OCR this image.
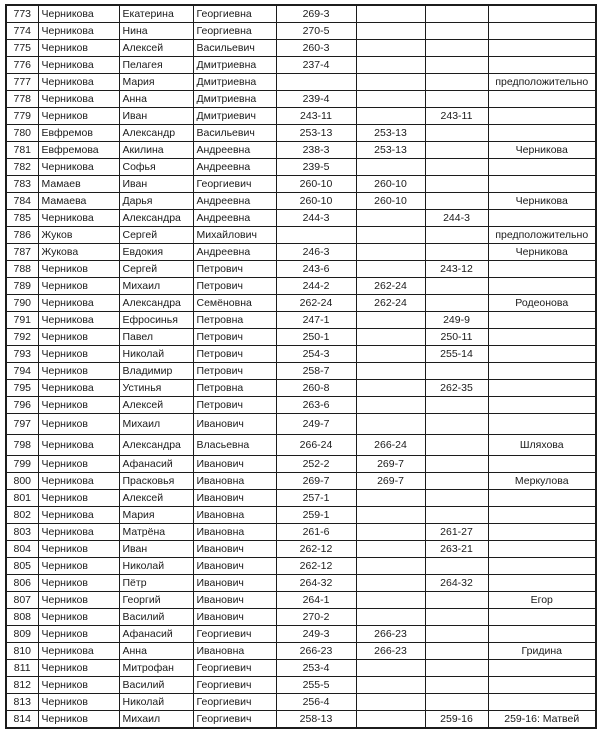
773	Черникова	Екатерина	Георгиевна	269-3			
774	Черникова	Нина	Георгиевна	270-5			
775	Черников	Алексей	Васильевич	260-3			
776	Черникова	Пелагея	Дмитриевна	237-4			
777	Черникова	Мария	Дмитриевна				предположительно
778	Черникова	Анна	Дмитриевна	239-4			
779	Черников	Иван	Дмитриевич	243-11		243-11	
780	Евфремов	Александр	Васильевич	253-13	253-13		
781	Евфремова	Акилина	Андреевна	238-3	253-13		Черникова
782	Черникова	Софья	Андреевна	239-5			
783	Мамаев	Иван	Георгиевич	260-10	260-10		
784	Мамаева	Дарья	Андреевна	260-10	260-10		Черникова
785	Черникова	Александра	Андреевна	244-3		244-3	
786	Жуков	Сергей	Михайлович				предположительно
787	Жукова	Евдокия	Андреевна	246-3			Черникова
788	Черников	Сергей	Петрович	243-6		243-12	
789	Черников	Михаил	Петрович	244-2	262-24		
790	Черникова	Александра	Семёновна	262-24	262-24		Родеонова
791	Черникова	Ефросинья	Петровна	247-1		249-9	
792	Черников	Павел	Петрович	250-1		250-11	
793	Черников	Николай	Петрович	254-3		255-14	
794	Черников	Владимир	Петрович	258-7			
795	Черникова	Устинья	Петровна	260-8		262-35	
796	Черников	Алексей	Петрович	263-6			
797	Черников	Михаил	Иванович	249-7			
798	Черникова	Александра	Власьевна	266-24	266-24		Шляхова
799	Черников	Афанасий	Иванович	252-2	269-7		
800	Черникова	Прасковья	Ивановна	269-7	269-7		Меркулова
801	Черников	Алексей	Иванович	257-1			
802	Черникова	Мария	Ивановна	259-1			
803	Черникова	Матрёна	Ивановна	261-6		261-27	
804	Черников	Иван	Иванович	262-12		263-21	
805	Черников	Николай	Иванович	262-12			
806	Черников	Пётр	Иванович	264-32		264-32	
807	Черников	Георгий	Иванович	264-1			Егор
808	Черников	Василий	Иванович	270-2			
809	Черников	Афанасий	Георгиевич	249-3	266-23		
810	Черникова	Анна	Ивановна	266-23	266-23		Гридина
811	Черников	Митрофан	Георгиевич	253-4			
812	Черников	Василий	Георгиевич	255-5			
813	Черников	Николай	Георгиевич	256-4			
814	Черников	Михаил	Георгиевич	258-13		259-16	259-16: Матвей
